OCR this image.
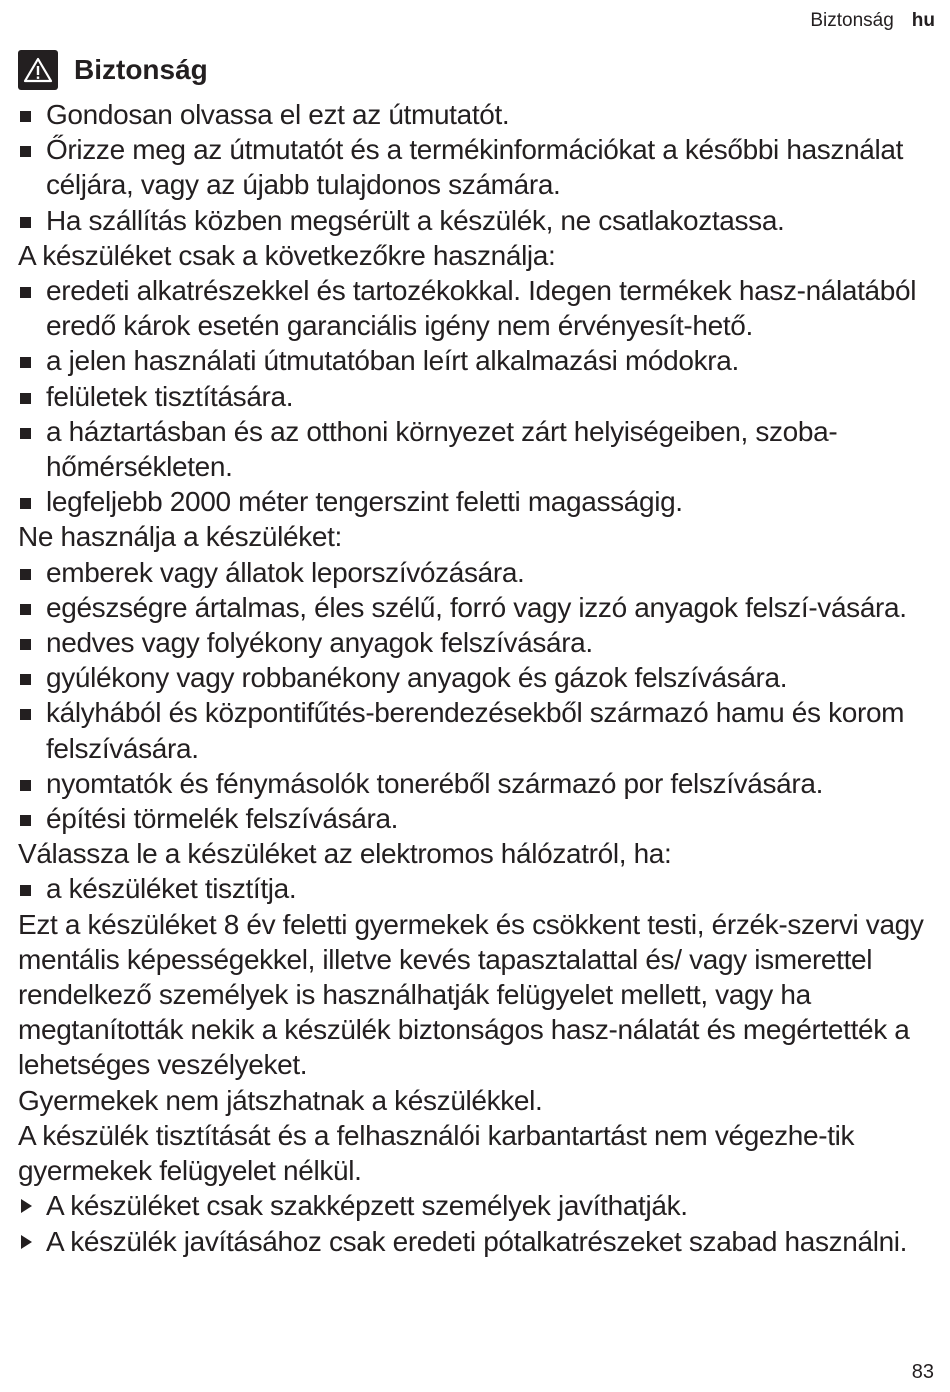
Biztonság hu
Biztonság

Gondosan olvassa el ezt az útmutatót.

Őrizze meg az útmutatót és a termékinformációkat a későbbi használat céljára, vagy az újabb tulajdonos számára.

Ha szállítás közben megsérült a készülék, ne csatlakoztassa.

A készüléket csak a következőkre használja:

eredeti alkatrészekkel és tartozékokkal. Idegen termékek hasz-nálatából eredő károk esetén garanciális igény nem érvényesít-hető.

a jelen használati útmutatóban leírt alkalmazási módokra.

felületek tisztítására.

a háztartásban és az otthoni környezet zárt helyiségeiben, szoba-hőmérsékleten.

legfeljebb 2000 méter tengerszint feletti magasságig.

Ne használja a készüléket:

emberek vagy állatok leporszívózására.

egészségre ártalmas, éles szélű, forró vagy izzó anyagok felszí-vására.

nedves vagy folyékony anyagok felszívására.

gyúlékony vagy robbanékony anyagok és gázok felszívására.

kályhából és központifűtés-berendezésekből származó hamu és korom felszívására.

nyomtatók és fénymásolók toneréből származó por felszívására.

építési törmelék felszívására.

Válassza le a készüléket az elektromos hálózatról, ha:

a készüléket tisztítja.

Ezt a készüléket 8 év feletti gyermekek és csökkent testi, érzék-szervi vagy mentális képességekkel, illetve kevés tapasztalattal és/ vagy ismerettel rendelkező személyek is használhatják felügyelet mellett, vagy ha megtanították nekik a készülék biztonságos hasz-nálatát és megértették a lehetséges veszélyeket.

Gyermekek nem játszhatnak a készülékkel.

A készülék tisztítását és a felhasználói karbantartást nem végezhe-tik gyermekek felügyelet nélkül.

A készüléket csak szakképzett személyek javíthatják.

A készülék javításához csak eredeti pótalkatrészeket szabad használni.

83
